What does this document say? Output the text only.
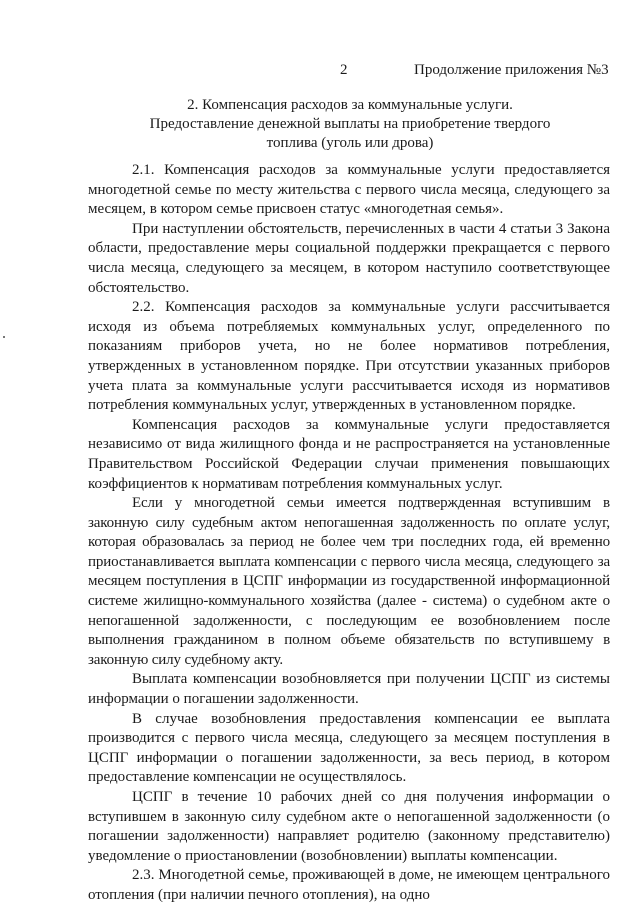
2	Продолжение приложения №3
2. Компенсация расходов за коммунальные услуги.
Предоставление денежной выплаты на приобретение твердого
топлива (уголь или дрова)

2.1. Компенсация расходов за коммунальные услуги предоставляется многодетной семье по месту жительства с первого числа месяца, следующего за месяцем, в котором семье присвоен статус «многодетная семья».

При наступлении обстоятельств, перечисленных в части 4 статьи 3 Закона области, предоставление меры социальной поддержки прекращается с первого числа месяца, следующего за месяцем, в котором наступило соответствующее обстоятельство.

2.2. Компенсация расходов за коммунальные услуги рассчитывается исходя из объема потребляемых коммунальных услуг, определенного по показаниям приборов учета, но не более нормативов потребления, утвержденных в установленном порядке. При отсутствии указанных приборов учета плата за коммунальные услуги рассчитывается исходя из нормативов потребления коммунальных услуг, утвержденных в установленном порядке.

Компенсация расходов за коммунальные услуги предоставляется независимо от вида жилищного фонда и не распространяется на установленные Правительством Российской Федерации случаи применения повышающих коэффициентов к нормативам потребления коммунальных услуг.

Если у многодетной семьи имеется подтвержденная вступившим в законную силу судебным актом непогашенная задолженность по оплате услуг, которая образовалась за период не более чем три последних года, ей временно приостанавливается выплата компенсации с первого числа месяца, следующего за месяцем поступления в ЦСПГ информации из государственной информационной системе жилищно-коммунального хозяйства (далее - система) о судебном акте о непогашенной задолженности, с последующим ее возобновлением после выполнения гражданином в полном объеме обязательств по вступившему в законную силу судебному акту.

Выплата компенсации возобновляется при получении ЦСПГ из системы информации о погашении задолженности.

В случае возобновления предоставления компенсации ее выплата производится с первого числа месяца, следующего за месяцем поступления в ЦСПГ информации о погашении задолженности, за весь период, в котором предоставление компенсации не осуществлялось.

ЦСПГ в течение 10 рабочих дней со дня получения информации о вступившем в законную силу судебном акте о непогашенной задолженности (о погашении задолженности) направляет родителю (законному представителю) уведомление о приостановлении (возобновлении) выплаты компенсации.

2.3. Многодетной семье, проживающей в доме, не имеющем центрального отопления (при наличии печного отопления), на одно
